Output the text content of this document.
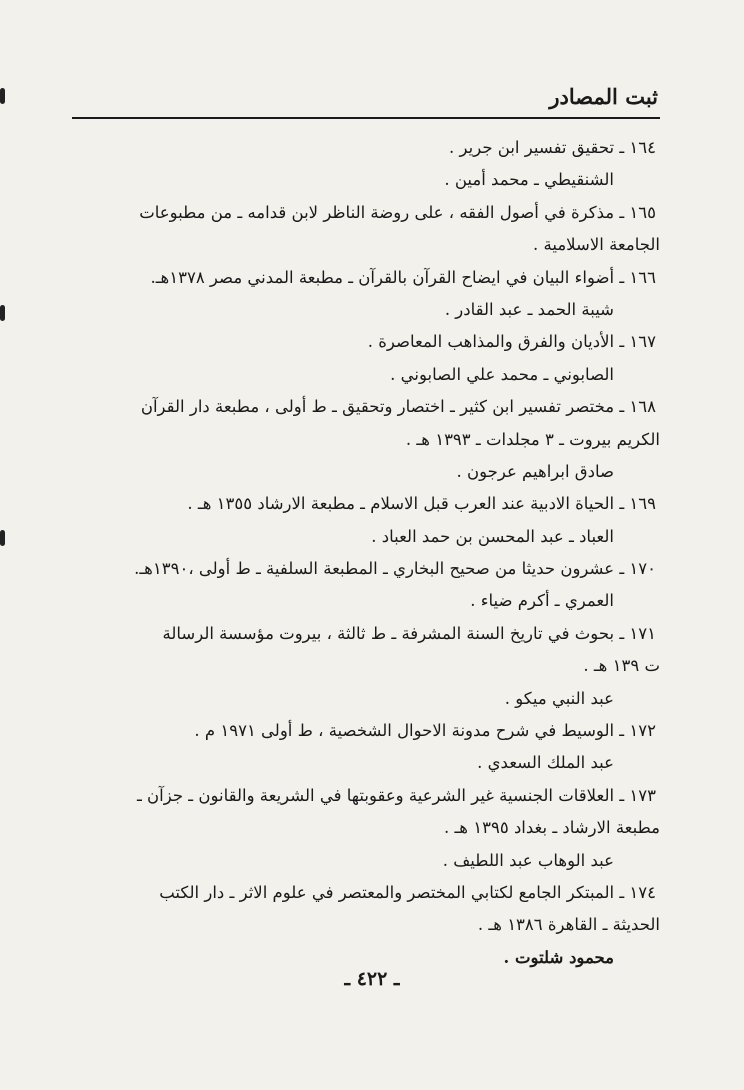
ثبت المصادر
١٦٤ ـ تحقيق تفسير ابن جرير .
الشنقيطي ـ محمد أمين .
١٦٥ ـ مذكرة في أصول الفقه ، على روضة الناظر لابن قدامه ـ من مطبوعات
الجامعة الاسلامية .
١٦٦ ـ أضواء البيان في ايضاح القرآن بالقرآن ـ مطبعة المدني مصر ١٣٧٨هـ.
شيبة الحمد ـ عبد القادر .
١٦٧ ـ الأديان والفرق والمذاهب المعاصرة .
الصابوني ـ محمد علي الصابوني .
١٦٨ ـ مختصر تفسير ابن كثير ـ اختصار وتحقيق ـ ط أولى ، مطبعة دار القرآن
الكريم بيروت ـ ٣ مجلدات ـ ١٣٩٣ هـ .
صادق ابراهيم عرجون .
١٦٩ ـ الحياة الادبية عند العرب قبل الاسلام ـ مطبعة الارشاد ١٣٥٥ هـ .
العباد ـ عبد المحسن بن حمد العباد .
١٧٠ ـ عشرون حديثا من صحيح البخاري ـ المطبعة السلفية ـ ط أولى ،١٣٩٠هـ.
العمري ـ أكرم ضياء .
١٧١ ـ بحوث في تاريخ السنة المشرفة ـ ط ثالثة ، بيروت مؤسسة الرسالة
ت ١٣٩ هـ .
عبد النبي ميكو .
١٧٢ ـ الوسيط في شرح مدونة الاحوال الشخصية ، ط أولى ١٩٧١ م .
عبد الملك السعدي .
١٧٣ ـ العلاقات الجنسية غير الشرعية وعقوبتها في الشريعة والقانون ـ جزآن ـ
مطبعة الارشاد ـ بغداد ١٣٩٥ هـ .
عبد الوهاب عبد اللطيف .
١٧٤ ـ المبتكر الجامع لكتابي المختصر والمعتصر في علوم الاثر ـ دار الكتب
الحديثة ـ القاهرة ١٣٨٦ هـ .
محمود شلتوت .
ـ ٤٢٢ ـ
